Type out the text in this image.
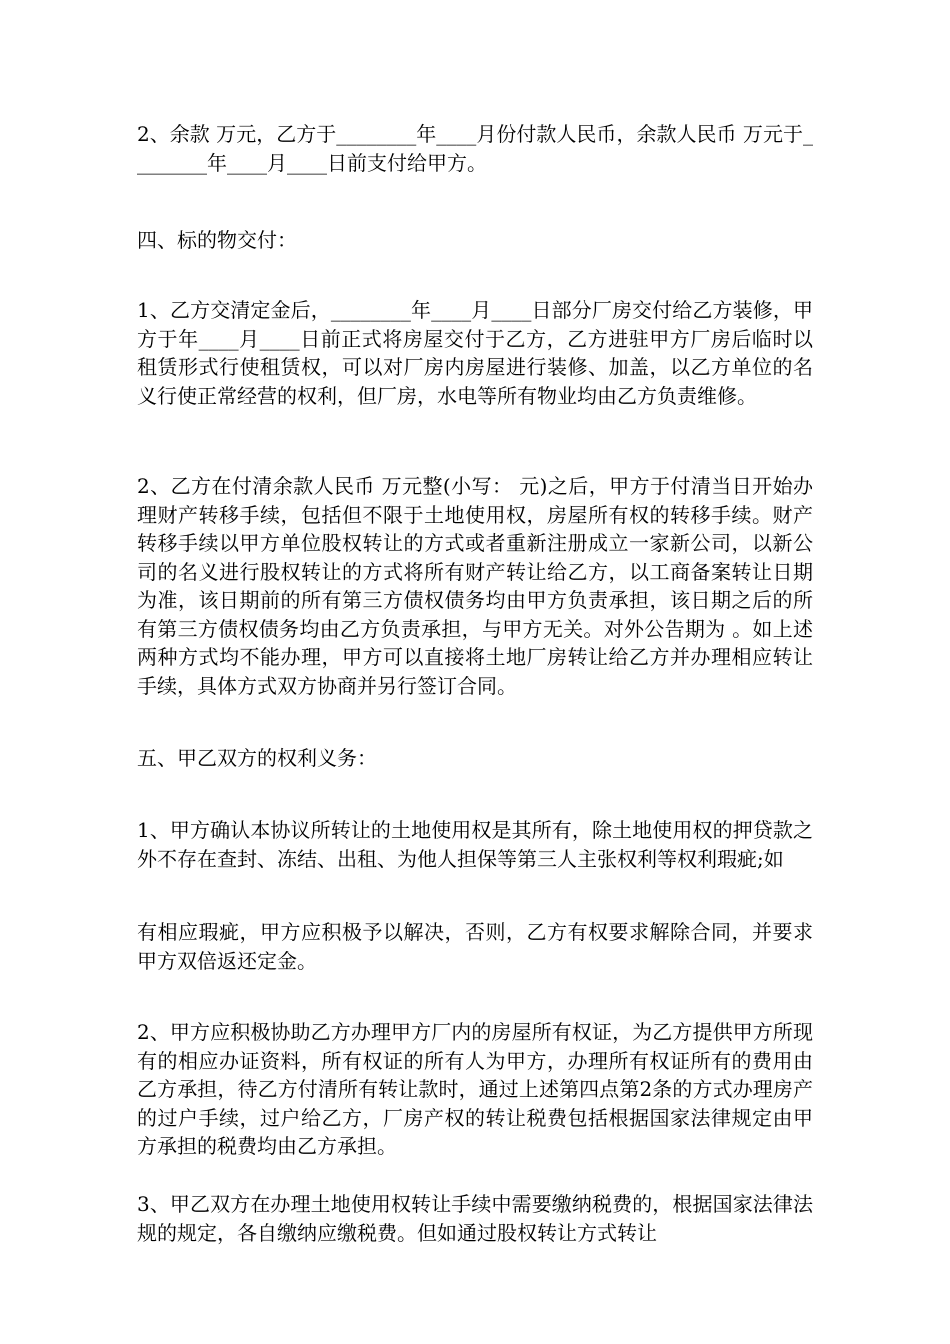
2、余款 万元，乙方于________年____月份付款人民币，余款人民币 万元于________年____月____日前支付给甲方。

四、标的物交付：

1、乙方交清定金后，________年____月____日部分厂房交付给乙方装修，甲方于年____月____日前正式将房屋交付于乙方，乙方进驻甲方厂房后临时以租赁形式行使租赁权，可以对厂房内房屋进行装修、加盖，以乙方单位的名义行使正常经营的权利，但厂房，水电等所有物业均由乙方负责维修。

2、乙方在付清余款人民币 万元整(小写： 元)之后，甲方于付清当日开始办理财产转移手续，包括但不限于土地使用权，房屋所有权的转移手续。财产转移手续以甲方单位股权转让的方式或者重新注册成立一家新公司，以新公司的名义进行股权转让的方式将所有财产转让给乙方，以工商备案转让日期为准，该日期前的所有第三方债权债务均由甲方负责承担，该日期之后的所有第三方债权债务均由乙方负责承担，与甲方无关。对外公告期为 。如上述两种方式均不能办理，甲方可以直接将土地厂房转让给乙方并办理相应转让手续，具体方式双方协商并另行签订合同。

五、甲乙双方的权利义务：

1、甲方确认本协议所转让的土地使用权是其所有，除土地使用权的押贷款之外不存在查封、冻结、出租、为他人担保等第三人主张权利等权利瑕疵;如

有相应瑕疵，甲方应积极予以解决，否则，乙方有权要求解除合同，并要求甲方双倍返还定金。

2、甲方应积极协助乙方办理甲方厂内的房屋所有权证，为乙方提供甲方所现有的相应办证资料，所有权证的所有人为甲方，办理所有权证所有的费用由乙方承担，待乙方付清所有转让款时，通过上述第四点第2条的方式办理房产的过户手续，过户给乙方，厂房产权的转让税费包括根据国家法律规定由甲方承担的税费均由乙方承担。

3、甲乙双方在办理土地使用权转让手续中需要缴纳税费的，根据国家法律法规的规定，各自缴纳应缴税费。但如通过股权转让方式转让
